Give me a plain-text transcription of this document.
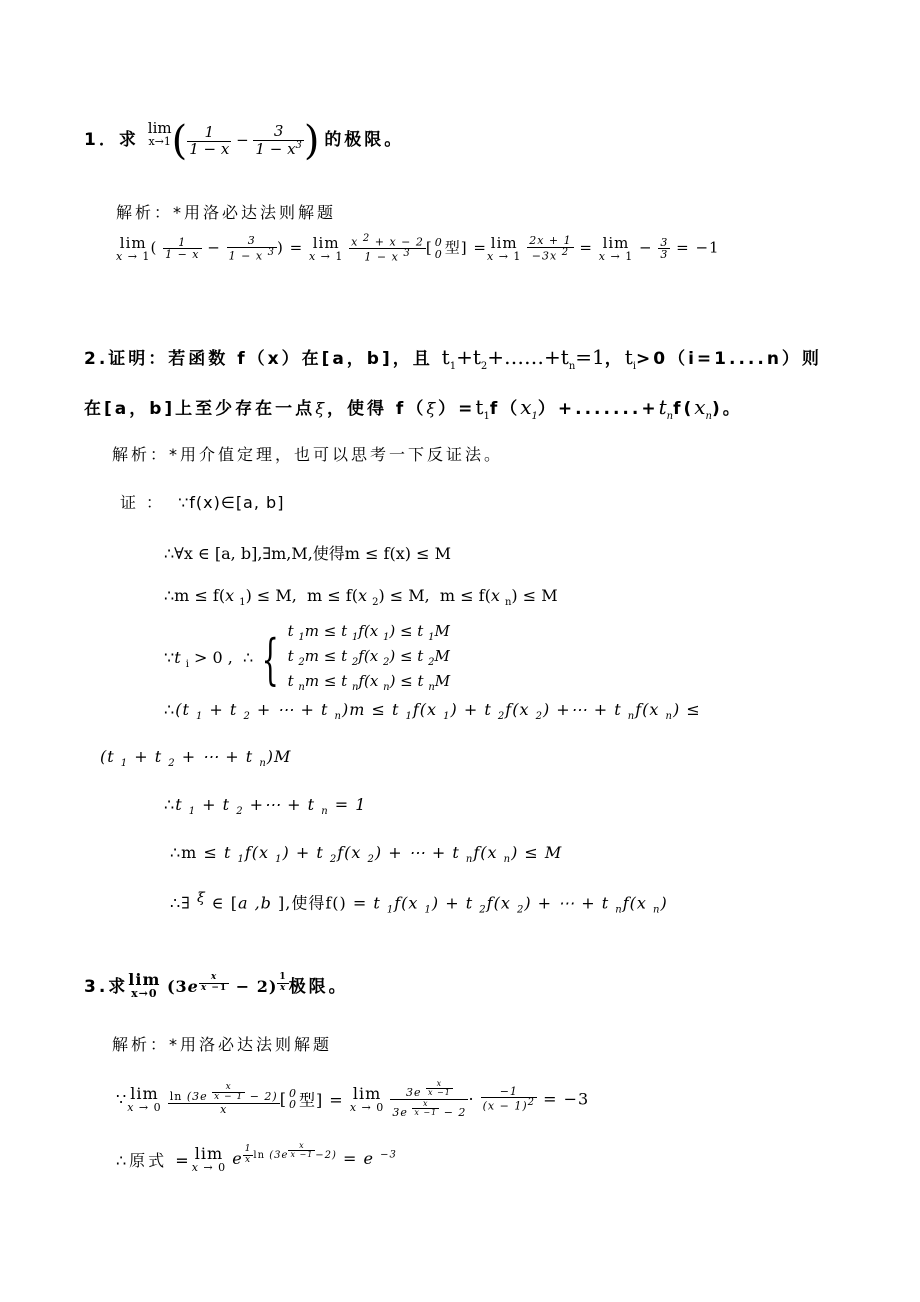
1．求 lim
x→1 ( $\frac{1}{1 - x} - \frac{3}{1 - x^3}$ ) 的极限。
解析：*用洛必达法则解题
lim
x → 1 ( $\frac{1}{1 - x} - \frac{3}{1 - x ^3}$ ) = lim
x → 1
$\frac{x ^2 + x - 2}{1 - x ^3}$ [ 0
0 型] = lim
x → 1
$\frac{2x + 1}{-3x ^2} = \lim$
$x \to 1 - \frac{3}{3} = -1$
2.证明：若函数 f（x）在[a，b]，且 $t_1+t_2+\dots\dots+t_n=1$，$t_i>0(i=1....n)$则
在[a，b]上至少存在一点ξ，使得 $f(\xi)=t_1f(x_1)+.......+t_nf(x_n)$。
解析：*用介值定理，也可以思考一下反证法。
证： ∵f(x)∈[a, b]
∴∀x ∈ [a, b],∃m,M,使得m ≤ f(x) ≤ M
∴m ≤ f(x $_1$) ≤ M,  m ≤ f(x $_2$) ≤ M,  m ≤ f(x $_n$) ≤ M
∵t $_i$ > 0 ,  ∴ { t $_1$m ≤ t $_1$f(x $_1$) ≤ t $_1$M
t $_2$m ≤ t $_2$f(x $_2$) ≤ t $_2$M
t $_n$m ≤ t $_n$f(x $_n$) ≤ t $_n$M
∴(t $_1$ + t $_2$ + ⋯ + t $_n$)m ≤ t $_1$f(x $_1$) + t $_2$f(x $_2$) +⋯ + t $_n$f(x $_n$) ≤
(t $_1$ + t $_2$ + ⋯ + t $_n$)M
∴t $_1$ + t $_2$ +⋯ + t $_n$ = 1
∴m ≤ t $_1$f(x $_1$) + t $_2$f(x $_2$) + ⋯ + t $_n$f(x $_n$) ≤ M
∴∃ $^\xi$ ∈ [a ,b ],使得f() = t $_1$f(x $_1$) + t $_2$f(x $_2$) + ⋯ + t $_n$f(x $_n$)
3.求lim
x→0 (3e $^{\frac{x}{x -1}}$ − 2) $^{\frac{1}{x}}$ 极限。
解析：*用洛必达法则解题
∵ lim
x → 0
ln (3e $^{\frac{x}{x - 1}}$ − 2)
x [ 0
0 型] = lim
x → 0
3e $^{\frac{x}{x -1}}$
3e $^{\frac{x}{x -1}} - 2 \cdot \frac{-1}{(x - 1)^2} = -3$
∴原式 = lim
x → 0 e $^{\frac{1}{x} ln (3e ^{\frac{x}{x -1}} -2)}$ = e $^{-3}$
